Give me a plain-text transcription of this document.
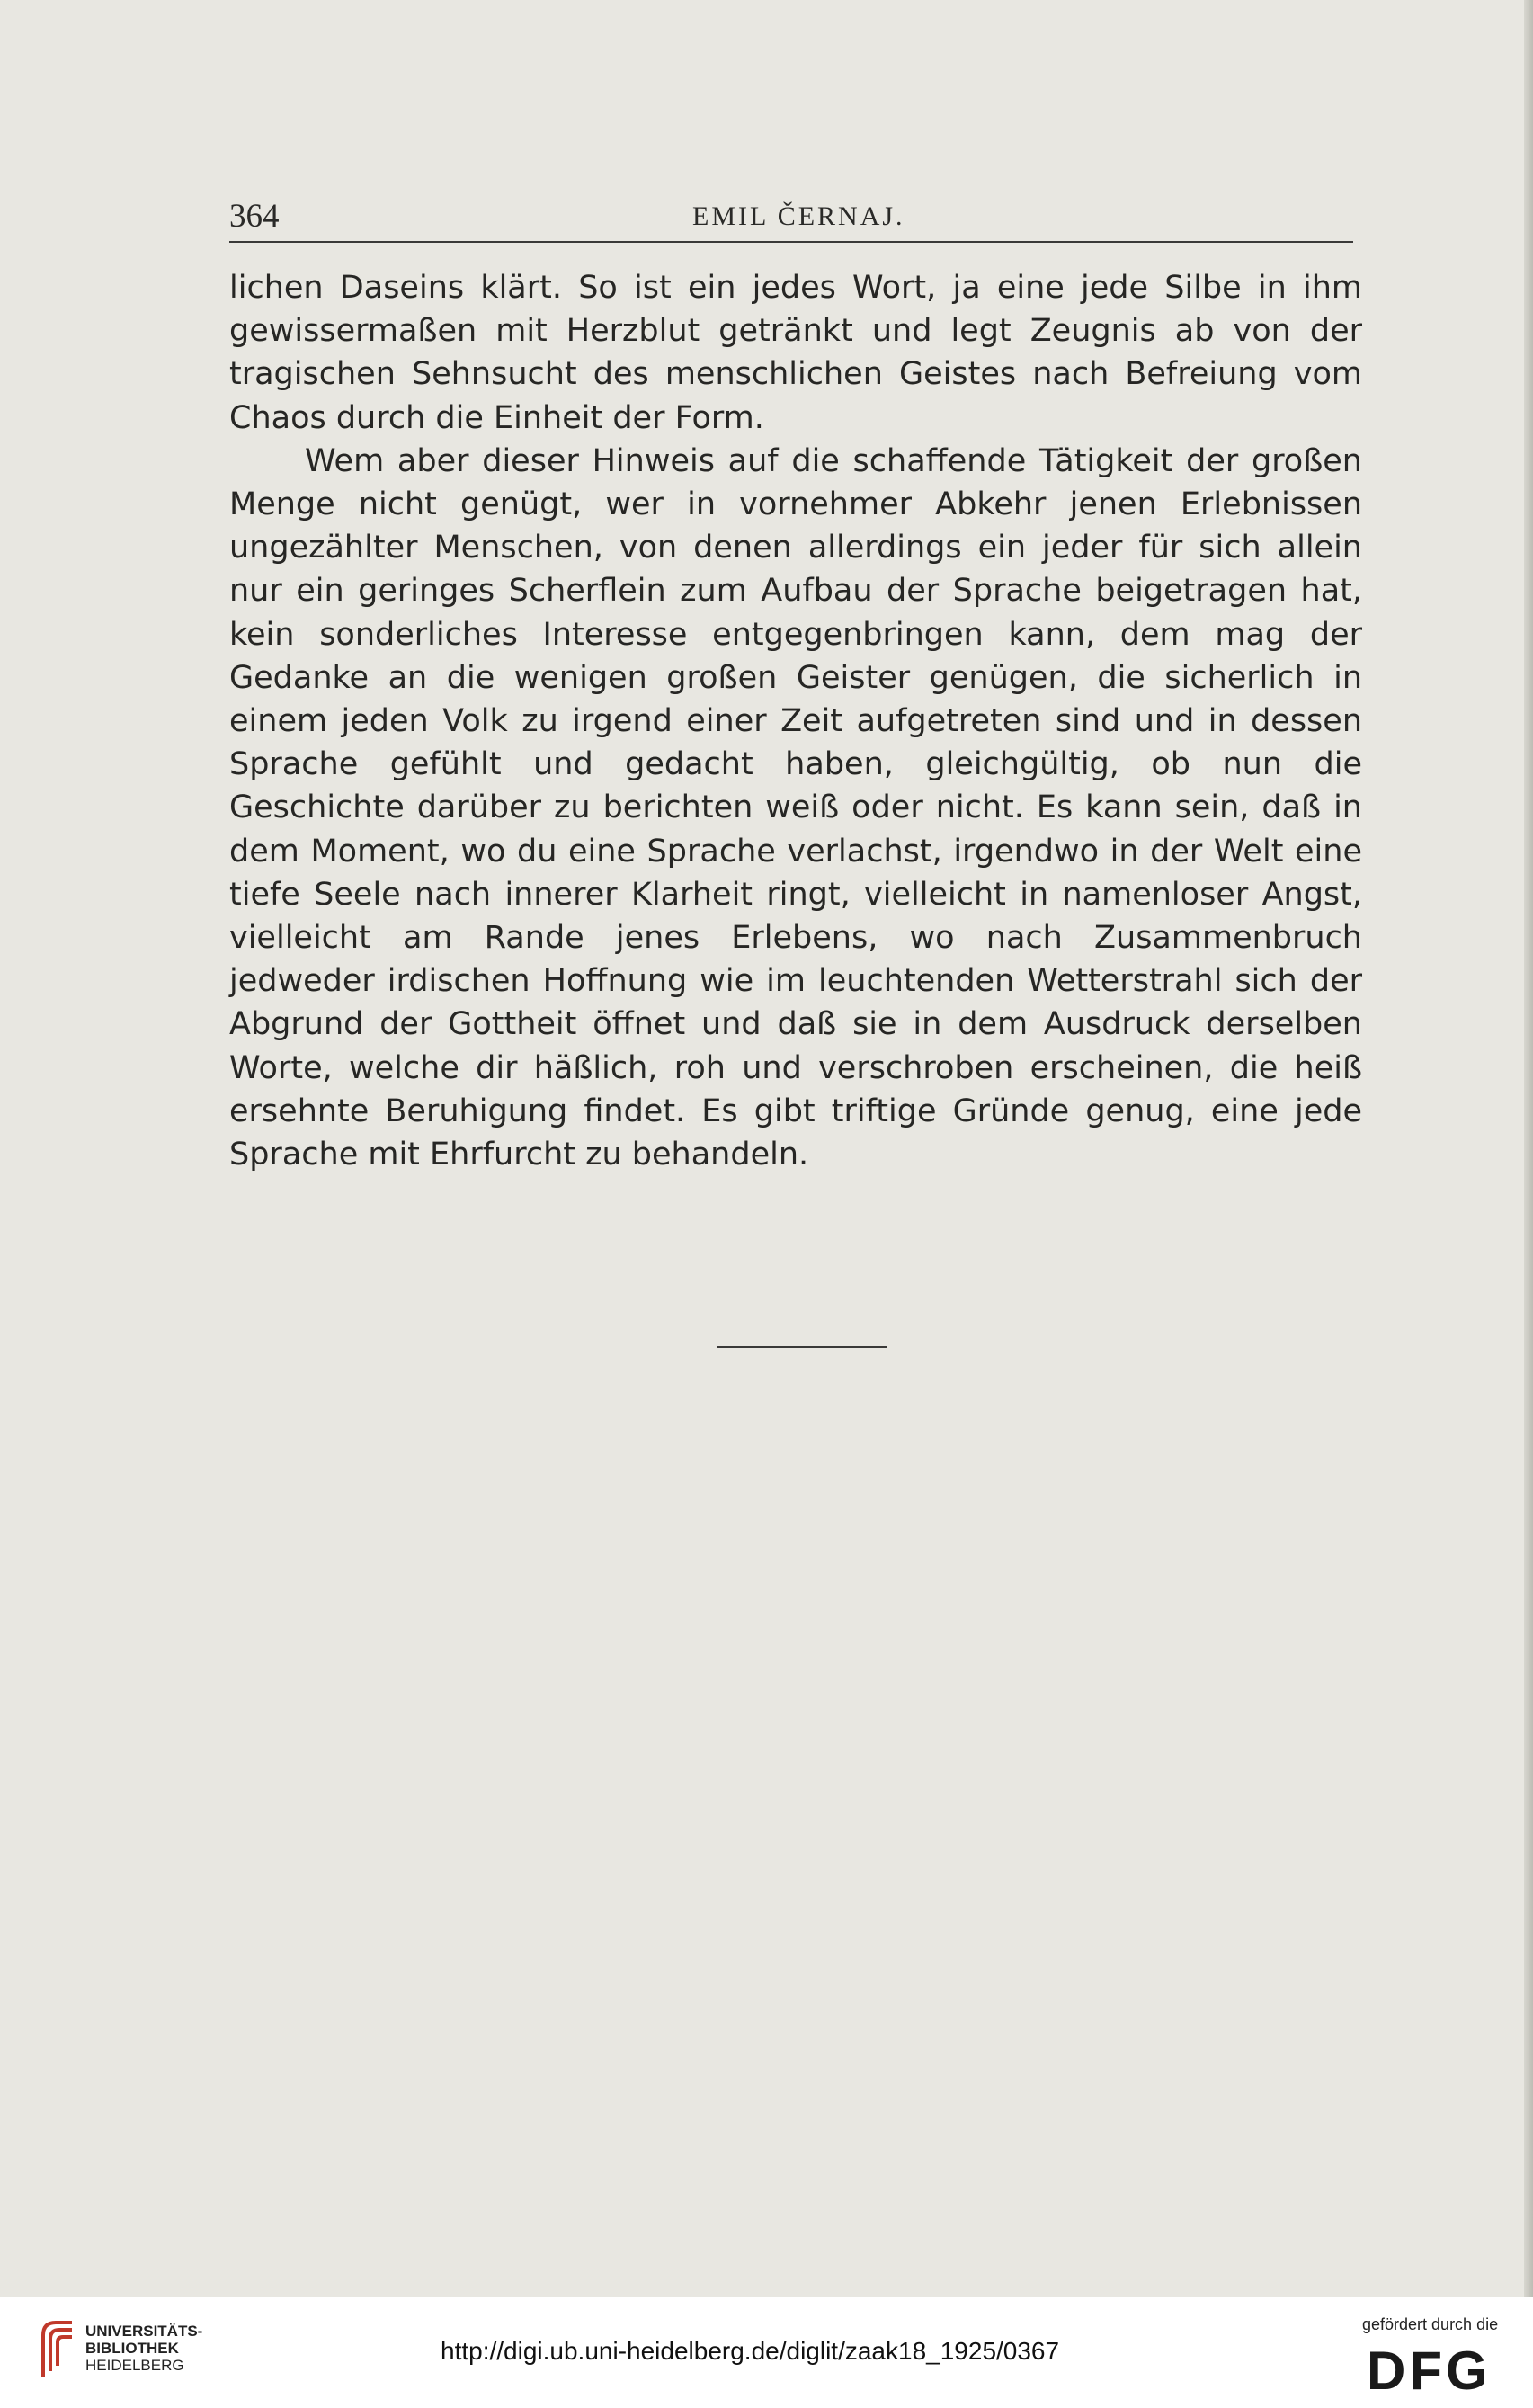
364	EMIL ČERNAJ.

lichen Daseins klärt. So ist ein jedes Wort, ja eine jede Silbe in ihm gewissermaßen mit Herzblut getränkt und legt Zeugnis ab von der tragischen Sehnsucht des menschlichen Geistes nach Befreiung vom Chaos durch die Einheit der Form.

Wem aber dieser Hinweis auf die schaffende Tätigkeit der großen Menge nicht genügt, wer in vornehmer Abkehr jenen Erlebnissen ungezählter Menschen, von denen allerdings ein jeder für sich allein nur ein geringes Scherflein zum Aufbau der Sprache beigetragen hat, kein sonderliches Interesse entgegenbringen kann, dem mag der Gedanke an die wenigen großen Geister genügen, die sicherlich in einem jeden Volk zu irgend einer Zeit aufgetreten sind und in dessen Sprache gefühlt und gedacht haben, gleichgültig, ob nun die Geschichte darüber zu berichten weiß oder nicht. Es kann sein, daß in dem Moment, wo du eine Sprache verlachst, irgendwo in der Welt eine tiefe Seele nach innerer Klarheit ringt, vielleicht in namenloser Angst, vielleicht am Rande jenes Erlebens, wo nach Zusammenbruch jedweder irdischen Hoffnung wie im leuchtenden Wetterstrahl sich der Abgrund der Gottheit öffnet und daß sie in dem Ausdruck derselben Worte, welche dir häßlich, roh und verschroben erscheinen, die heiß ersehnte Beruhigung findet. Es gibt triftige Gründe genug, eine jede Sprache mit Ehrfurcht zu behandeln.

UNIVERSITÄTS-
BIBLIOTHEK
HEIDELBERG
http://digi.ub.uni-heidelberg.de/diglit/zaak18_1925/0367
gefördert durch die
DFG
